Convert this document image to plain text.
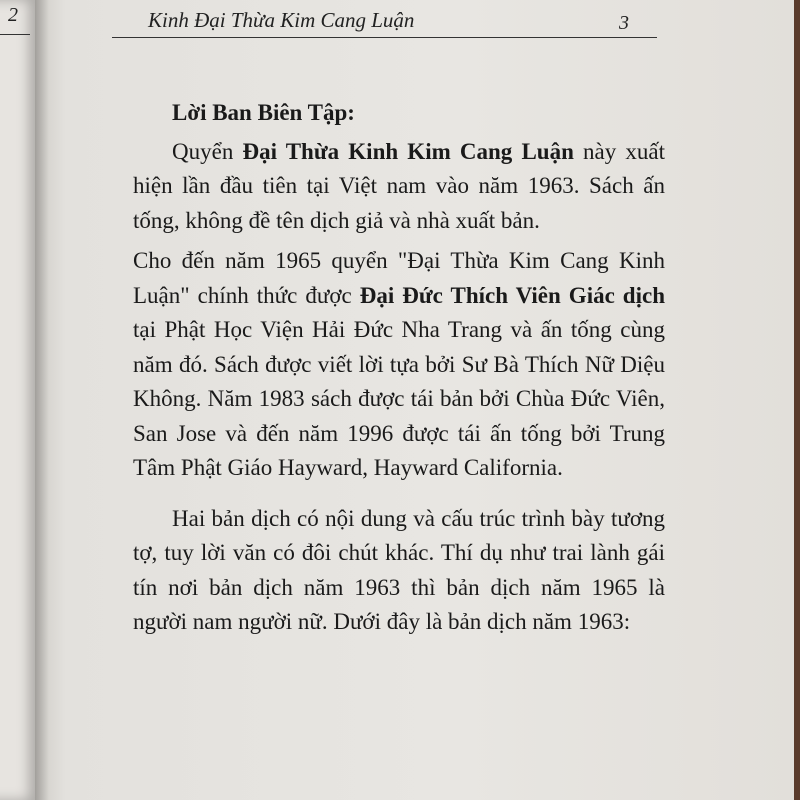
2	Kinh Đại Thừa Kim Cang Luận	3

Lời Ban Biên Tập:

Quyển Đại Thừa Kinh Kim Cang Luận này xuất hiện lần đầu tiên tại Việt nam vào năm 1963. Sách ấn tống, không đề tên dịch giả và nhà xuất bản.

Cho đến năm 1965 quyển "Đại Thừa Kim Cang Kinh Luận" chính thức được Đại Đức Thích Viên Giác dịch tại Phật Học Viện Hải Đức Nha Trang và ấn tống cùng năm đó. Sách được viết lời tựa bởi Sư Bà Thích Nữ Diệu Không. Năm 1983 sách được tái bản bởi Chùa Đức Viên, San Jose và đến năm 1996 được tái ấn tống bởi Trung Tâm Phật Giáo Hayward, Hayward California.

Hai bản dịch có nội dung và cấu trúc trình bày tương tợ, tuy lời văn có đôi chút khác. Thí dụ như trai lành gái tín nơi bản dịch năm 1963 thì bản dịch năm 1965 là người nam người nữ. Dưới đây là bản dịch năm 1963:
